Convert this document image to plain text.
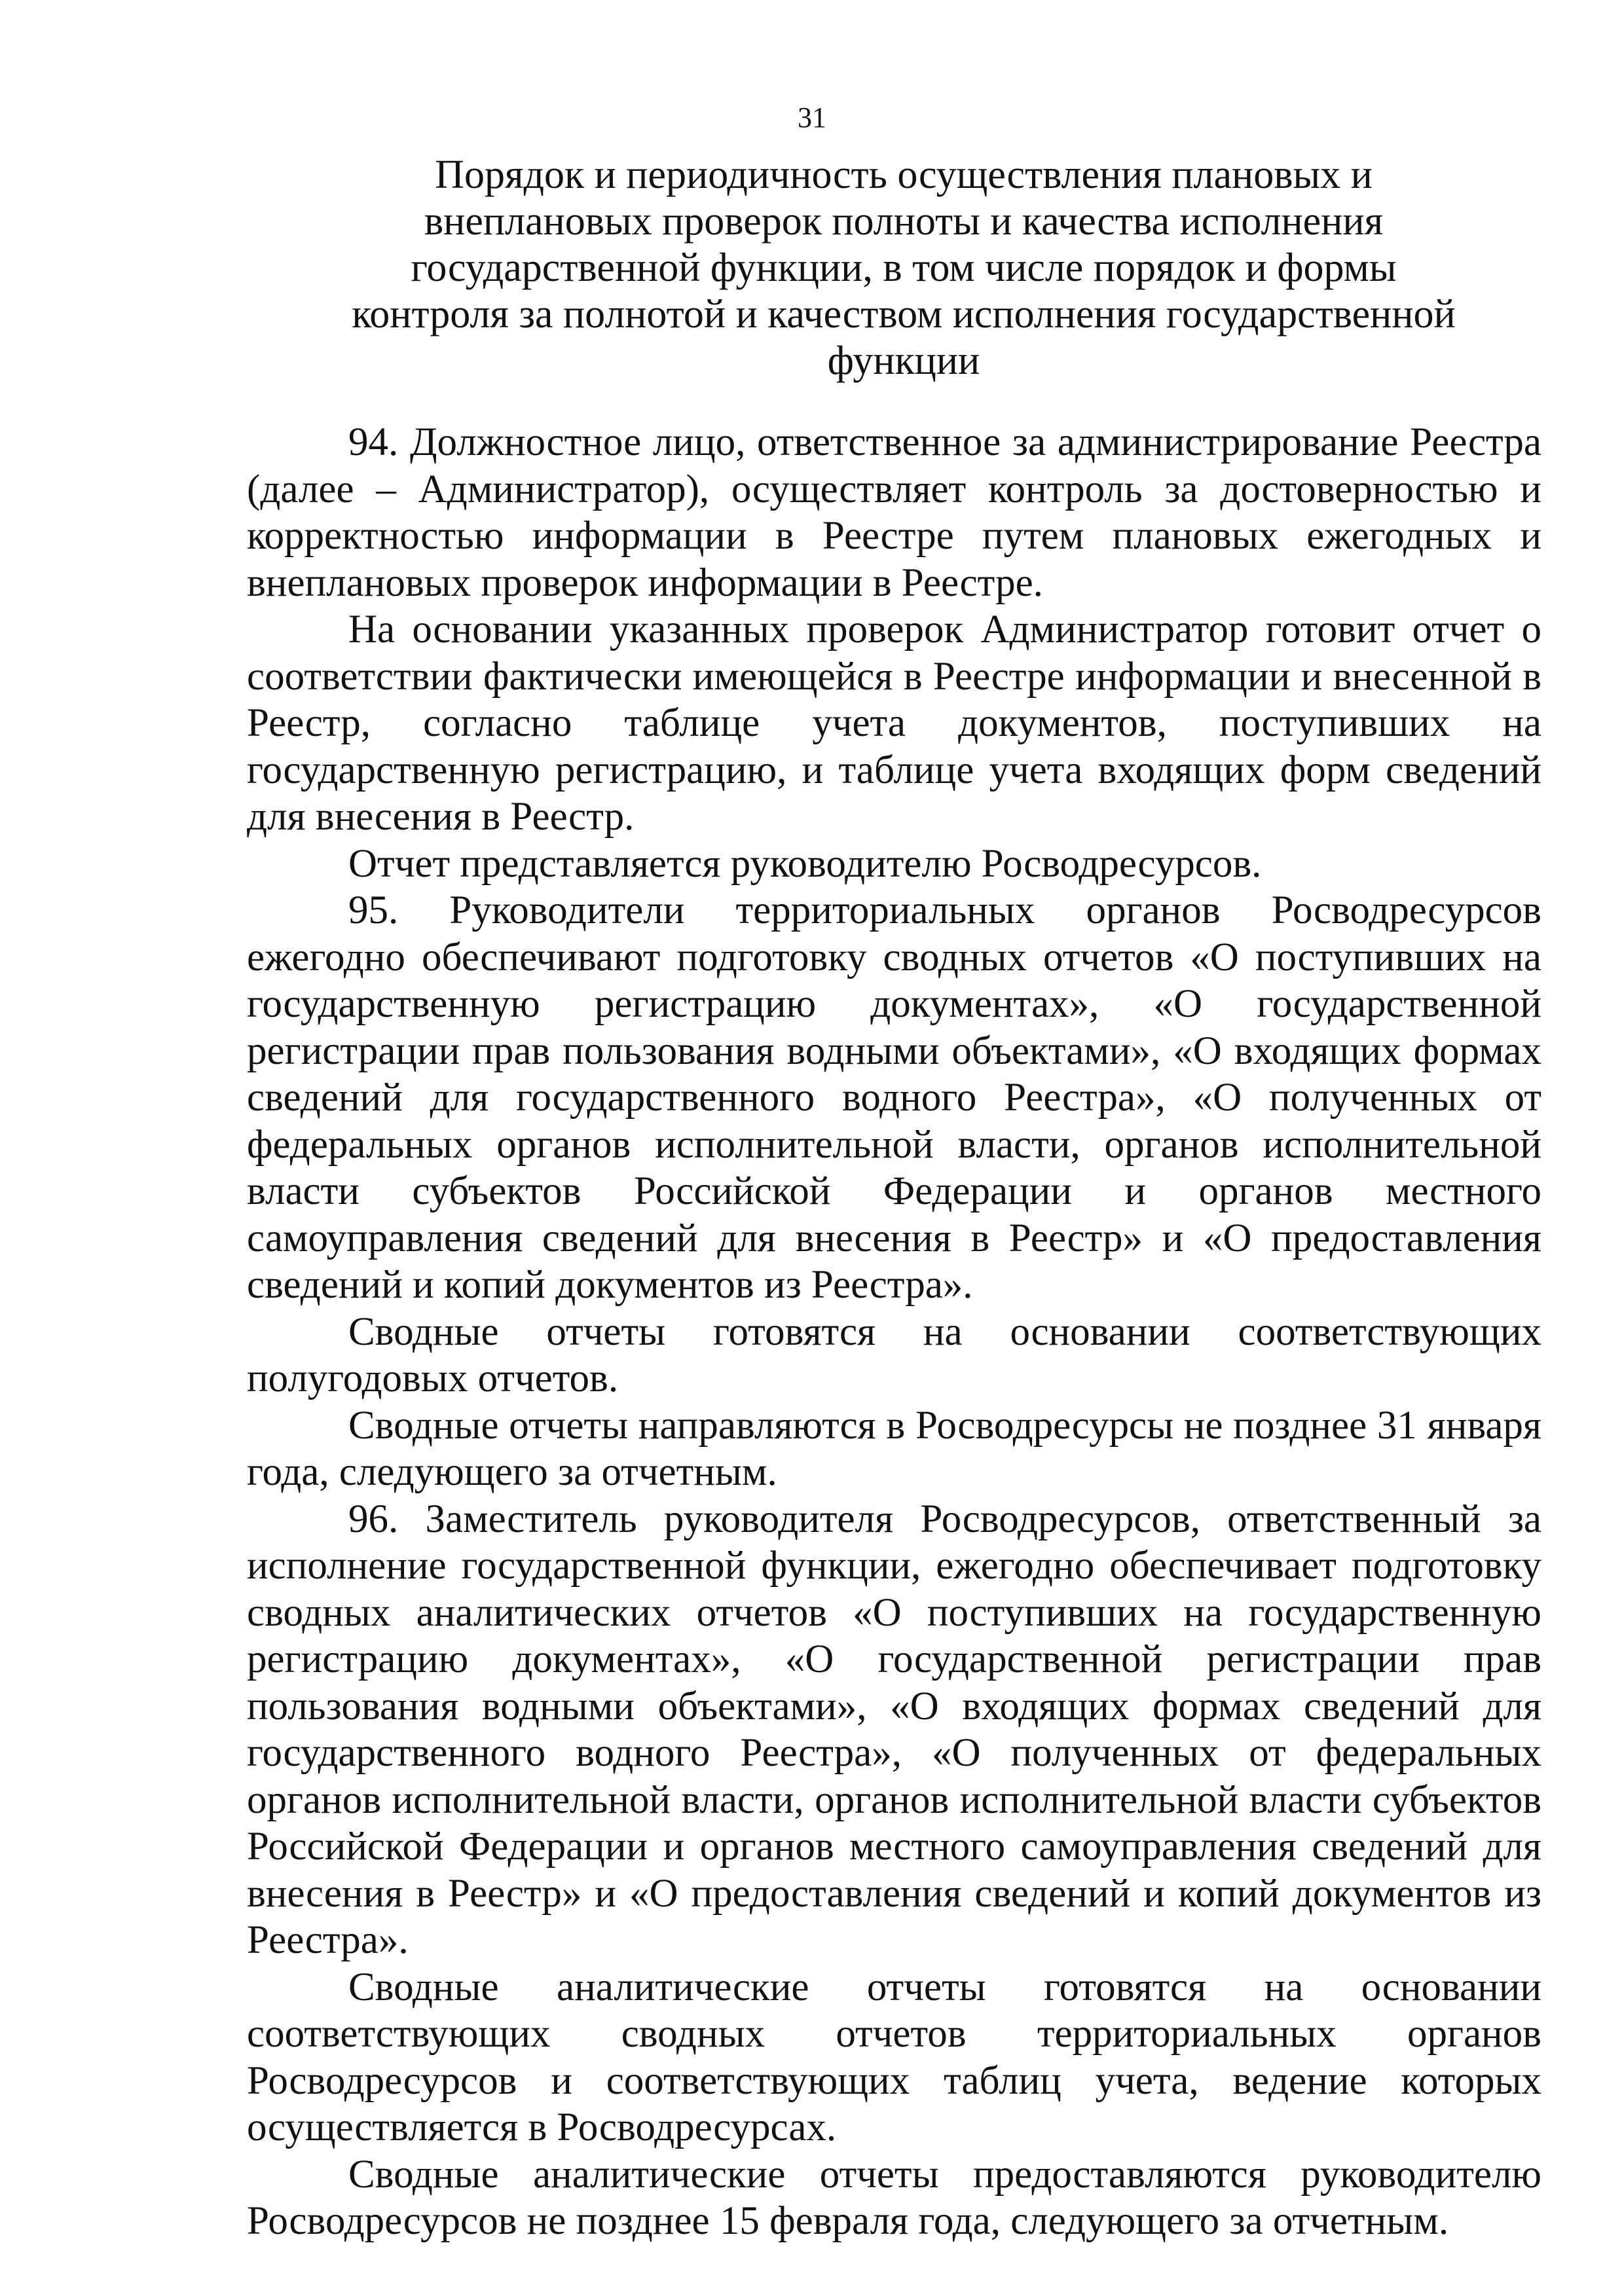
31
Порядок и периодичность осуществления плановых и
внеплановых проверок полноты и качества исполнения
государственной функции, в том числе порядок и формы
контроля за полнотой и качеством исполнения государственной
функции

94. Должностное лицо, ответственное за администрирование Реестра (далее – Администратор), осуществляет контроль за достоверностью и корректностью информации в Реестре путем плановых ежегодных и внеплановых проверок информации в Реестре.

На основании указанных проверок Администратор готовит отчет о соответствии фактически имеющейся в Реестре информации и внесенной в Реестр, согласно таблице учета документов, поступивших на государственную регистрацию, и таблице учета входящих форм сведений для внесения в Реестр.

Отчет представляется руководителю Росводресурсов.

95. Руководители территориальных органов Росводресурсов ежегодно обеспечивают подготовку сводных отчетов «О поступивших на государственную регистрацию документах», «О государственной регистрации прав пользования водными объектами», «О входящих формах сведений для государственного водного Реестра», «О полученных от федеральных органов исполнительной власти, органов исполнительной власти субъектов Российской Федерации и органов местного самоуправления сведений для внесения в Реестр» и «О предоставления сведений и копий документов из Реестра».

Сводные отчеты готовятся на основании соответствующих полугодовых отчетов.

Сводные отчеты направляются в Росводресурсы не позднее 31 января года, следующего за отчетным.

96. Заместитель руководителя Росводресурсов, ответственный за исполнение государственной функции, ежегодно обеспечивает подготовку сводных аналитических отчетов «О поступивших на государственную регистрацию документах», «О государственной регистрации прав пользования водными объектами», «О входящих формах сведений для государственного водного Реестра», «О полученных от федеральных органов исполнительной власти, органов исполнительной власти субъектов Российской Федерации и органов местного самоуправления сведений для внесения в Реестр» и «О предоставления сведений и копий документов из Реестра».

Сводные аналитические отчеты готовятся на основании соответствующих сводных отчетов территориальных органов Росводресурсов и соответствующих таблиц учета, ведение которых осуществляется в Росводресурсах.

Сводные аналитические отчеты предоставляются руководителю Росводресурсов не позднее 15 февраля года, следующего за отчетным.
